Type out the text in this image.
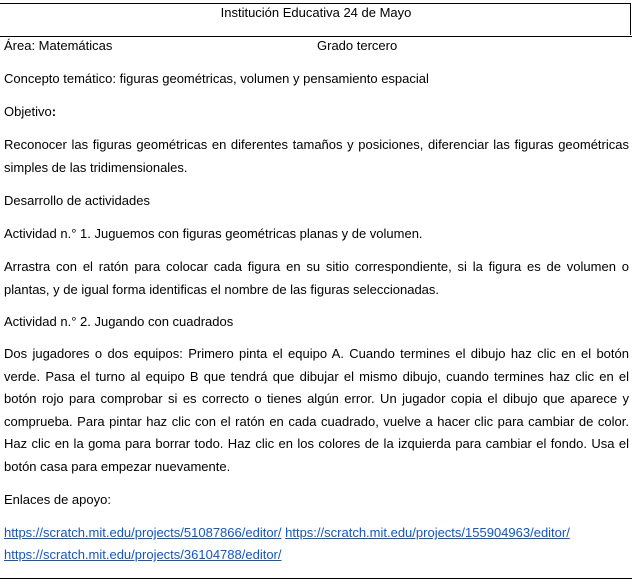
Institución Educativa 24 de Mayo
Área: Matemáticas	Grado tercero
Concepto temático: figuras geométricas, volumen y pensamiento espacial
Objetivo:
Reconocer las figuras geométricas en diferentes tamaños y posiciones, diferenciar las figuras geométricas simples de las tridimensionales.
Desarrollo de actividades
Actividad n.° 1. Juguemos con figuras geométricas planas y de volumen.
Arrastra con el ratón para colocar cada figura en su sitio correspondiente, si la figura es de volumen o plantas, y de igual forma identificas el nombre de las figuras seleccionadas.
Actividad n.° 2. Jugando con cuadrados
Dos jugadores o dos equipos: Primero pinta el equipo A. Cuando termines el dibujo haz clic en el botón verde. Pasa el turno al equipo B que tendrá que dibujar el mismo dibujo, cuando termines haz clic en el botón rojo para comprobar si es correcto o tienes algún error. Un jugador copia el dibujo que aparece y comprueba. Para pintar haz clic con el ratón en cada cuadrado, vuelve a hacer clic para cambiar de color. Haz clic en la goma para borrar todo. Haz clic en los colores de la izquierda para cambiar el fondo. Usa el botón casa para empezar nuevamente.
Enlaces de apoyo:
https://scratch.mit.edu/projects/51087866/editor/ https://scratch.mit.edu/projects/155904963/editor/
https://scratch.mit.edu/projects/36104788/editor/
